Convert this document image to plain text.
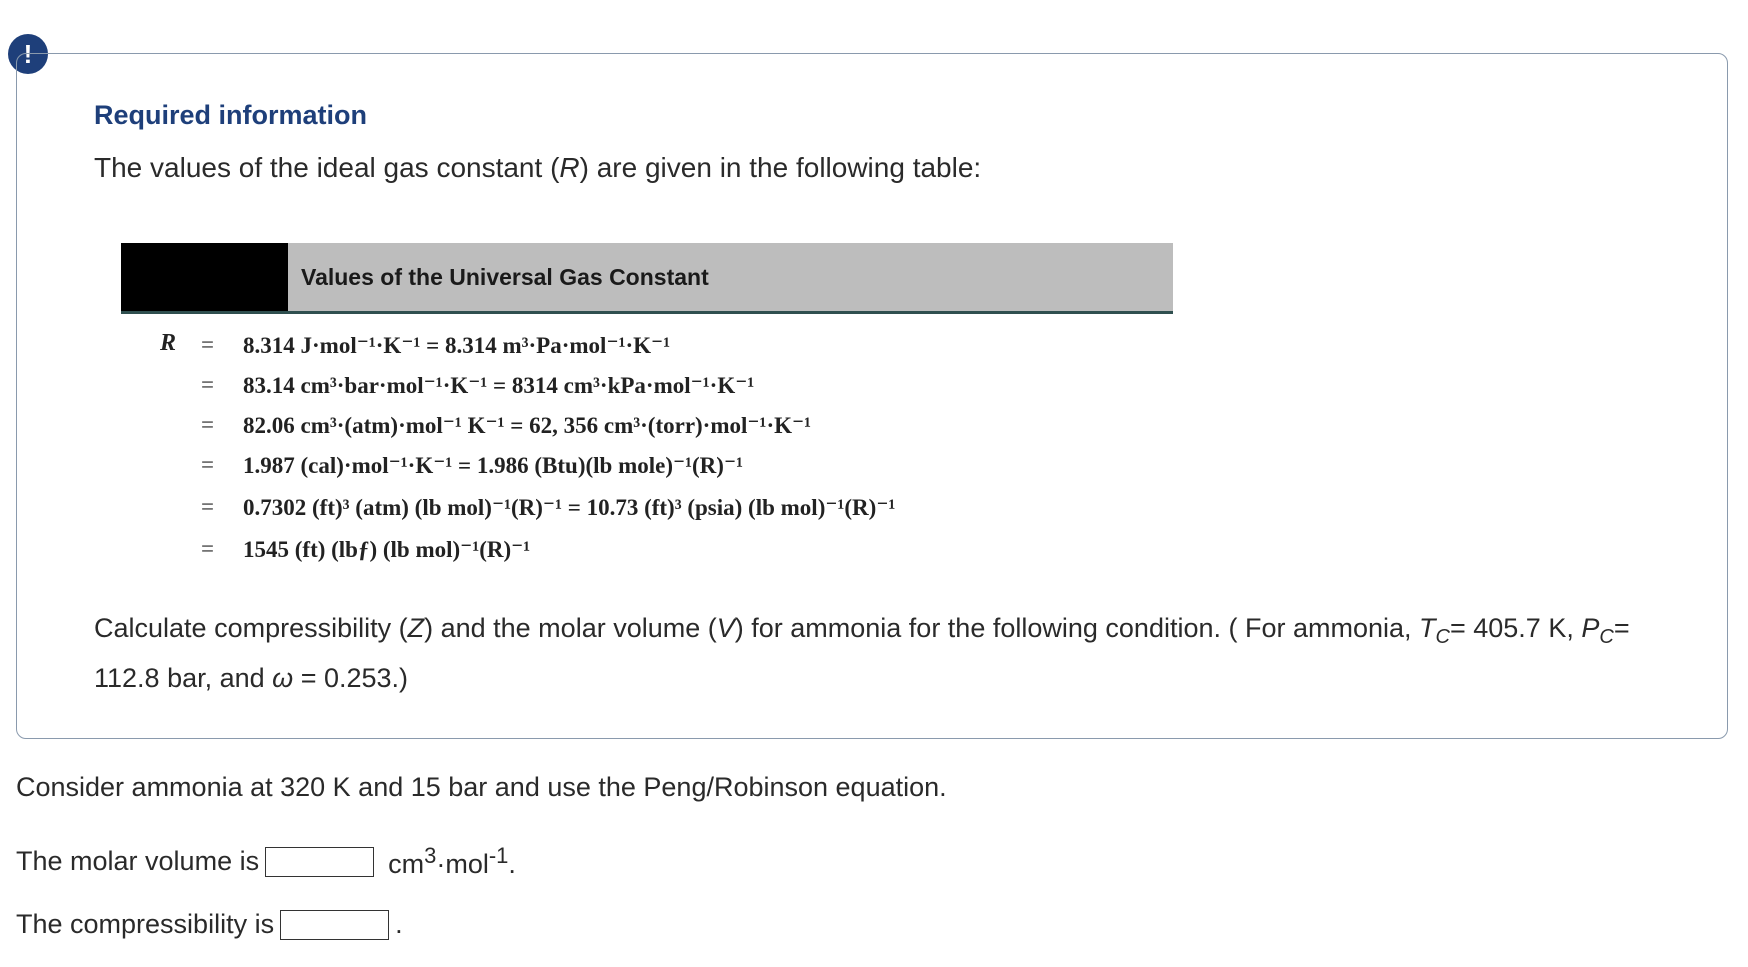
!
Required information
The values of the ideal gas constant (R) are given in the following table:
Values of the Universal Gas Constant
R = 8.314 J·mol⁻¹·K⁻¹ = 8.314 m³·Pa·mol⁻¹·K⁻¹
= 83.14 cm³·bar·mol⁻¹·K⁻¹ = 8314 cm³·kPa·mol⁻¹·K⁻¹
= 82.06 cm³·(atm)·mol⁻¹ K⁻¹ = 62, 356 cm³·(torr)·mol⁻¹·K⁻¹
= 1.987 (cal)·mol⁻¹·K⁻¹ = 1.986 (Btu)(lb mole)⁻¹(R)⁻¹
= 0.7302 (ft)³ (atm) (lb mol)⁻¹(R)⁻¹ = 10.73 (ft)³ (psia) (lb mol)⁻¹(R)⁻¹
= 1545 (ft) (lbƒ) (lb mol)⁻¹(R)⁻¹
Calculate compressibility (Z) and the molar volume (V) for ammonia for the following condition. ( For ammonia, $T_C= 405.7$ K, $P_C= 112.8$ bar, and ω = 0.253.)
Consider ammonia at 320 K and 15 bar and use the Peng/Robinson equation.
The molar volume is	$cm^3\cdot mol^{-1}$.
The compressibility is	.
